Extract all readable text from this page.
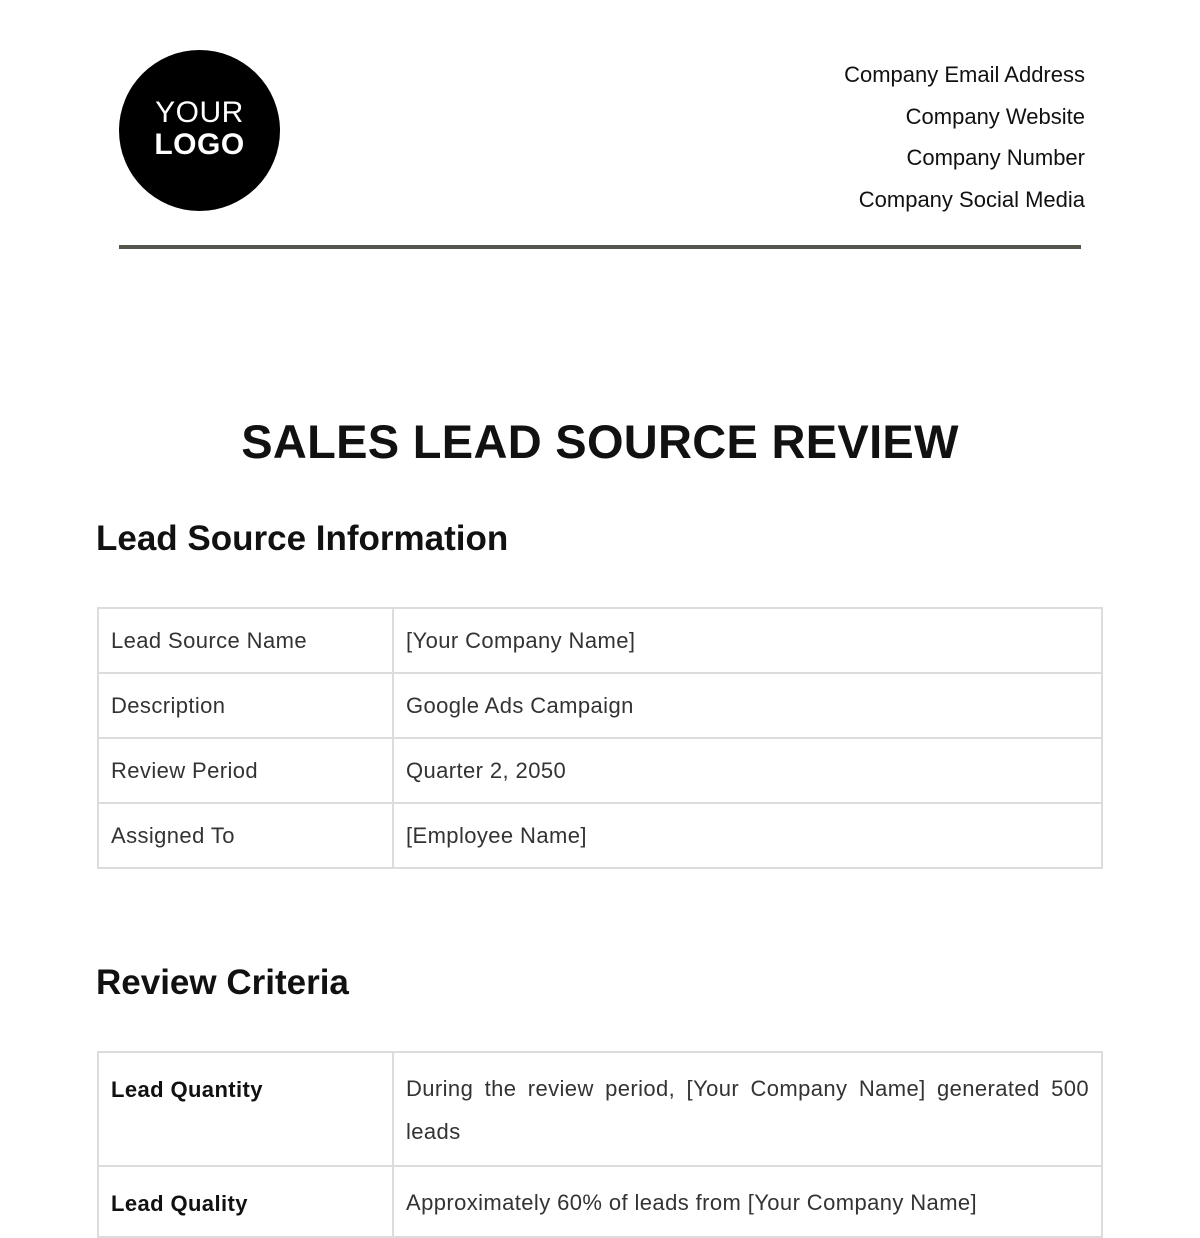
YOUR
LOGO
Company Email Address
Company Website
Company Number
Company Social Media
SALES LEAD SOURCE REVIEW
Lead Source Information
Lead Source Name	[Your Company Name]
Description	Google Ads Campaign
Review Period	Quarter 2, 2050
Assigned To	[Employee Name]
Review Criteria
Lead Quantity	During the review period, [Your Company Name] generated 500 leads
Lead Quality	Approximately 60% of leads from [Your Company Name]
